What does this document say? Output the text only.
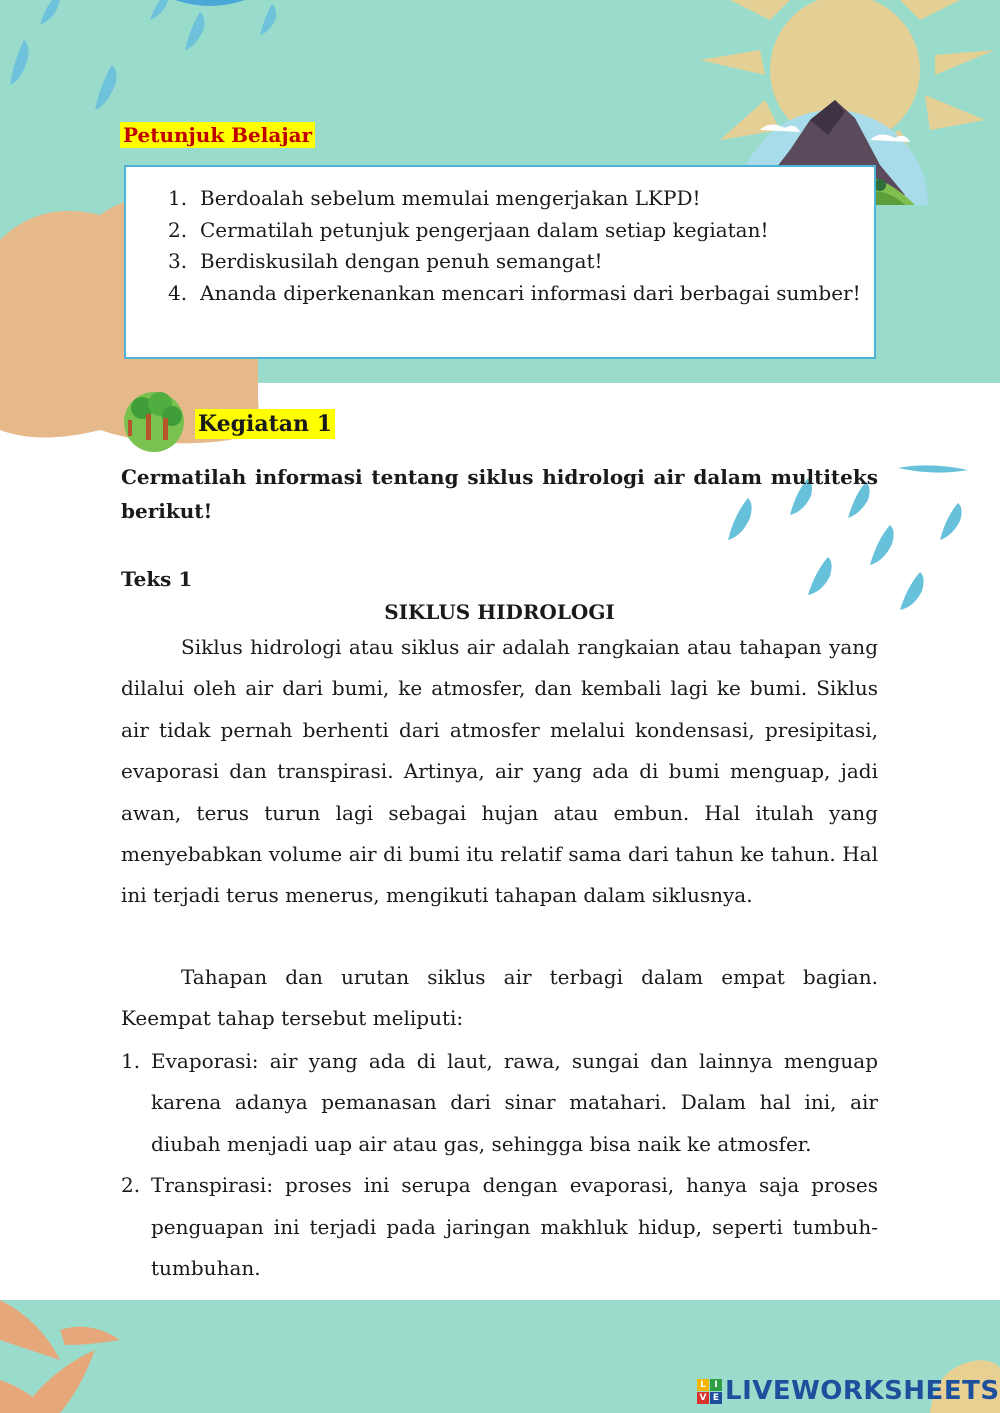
Petunjuk Belajar
1. Berdoalah sebelum memulai mengerjakan LKPD!
2. Cermatilah petunjuk pengerjaan dalam setiap kegiatan!
3. Berdiskusilah dengan penuh semangat!
4. Ananda diperkenankan mencari informasi dari berbagai sumber!
Kegiatan 1
Cermatilah informasi tentang siklus hidrologi air dalam multiteks berikut!
Teks 1
SIKLUS HIDROLOGI

Siklus hidrologi atau siklus air adalah rangkaian atau tahapan yang dilalui oleh air dari bumi, ke atmosfer, dan kembali lagi ke bumi. Siklus air tidak pernah berhenti dari atmosfer melalui kondensasi, presipitasi, evaporasi dan transpirasi. Artinya, air yang ada di bumi menguap, jadi awan, terus turun lagi sebagai hujan atau embun. Hal itulah yang menyebabkan volume air di bumi itu relatif sama dari tahun ke tahun. Hal ini terjadi terus menerus, mengikuti tahapan dalam siklusnya.

Tahapan dan urutan siklus air terbagi dalam empat bagian. Keempat tahap tersebut meliputi:

1. Evaporasi: air yang ada di laut, rawa, sungai dan lainnya menguap karena adanya pemanasan dari sinar matahari. Dalam hal ini, air diubah menjadi uap air atau gas, sehingga bisa naik ke atmosfer.
2. Transpirasi: proses ini serupa dengan evaporasi, hanya saja proses penguapan ini terjadi pada jaringan makhluk hidup, seperti tumbuh-tumbuhan.
L I
V E LIVEWORKSHEETS
